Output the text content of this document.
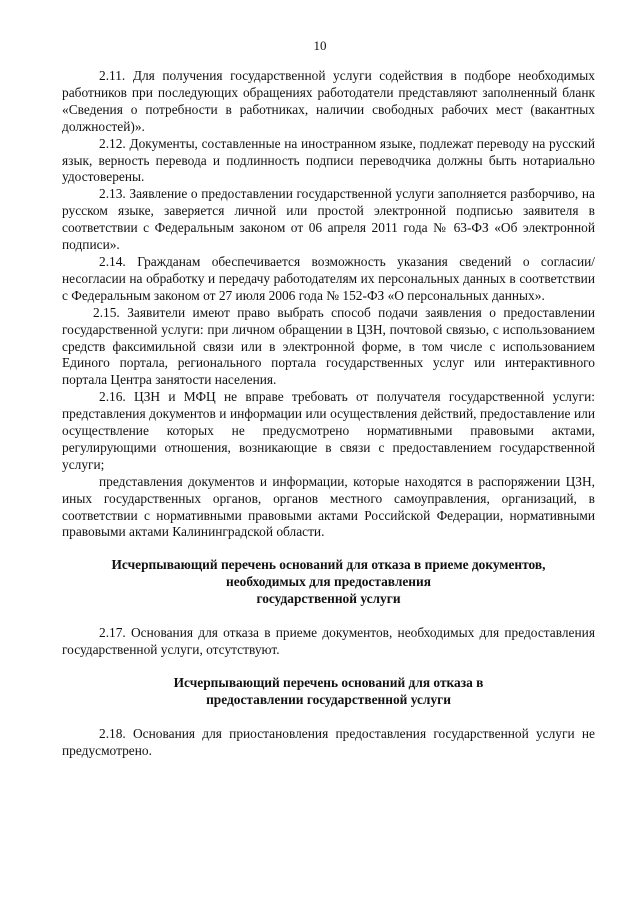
10

2.11. Для получения государственной услуги содействия в подборе необходимых работников при последующих обращениях работодатели представляют заполненный бланк «Сведения о потребности в работниках, наличии свободных рабочих мест (вакантных должностей)».

2.12. Документы, составленные на иностранном языке, подлежат переводу на русский язык, верность перевода и подлинность подписи переводчика должны быть нотариально удостоверены.

2.13. Заявление о предоставлении государственной услуги заполняется разборчиво, на русском языке, заверяется личной или простой электронной подписью заявителя в соответствии с Федеральным законом от 06 апреля 2011 года № 63-ФЗ «Об электронной подписи».

2.14. Гражданам обеспечивается возможность указания сведений о согласии/несогласии на обработку и передачу работодателям их персональных данных в соответствии с Федеральным законом от 27 июля 2006 года № 152-ФЗ «О персональных данных».

2.15. Заявители имеют право выбрать способ подачи заявления о предоставлении государственной услуги: при личном обращении в ЦЗН, почтовой связью, с использованием средств факсимильной связи или в электронной форме, в том числе с использованием Единого портала, регионального портала государственных услуг или интерактивного портала Центра занятости населения.

2.16. ЦЗН и МФЦ не вправе требовать от получателя государственной услуги: представления документов и информации или осуществления действий, предоставление или осуществление которых не предусмотрено нормативными правовыми актами, регулирующими отношения, возникающие в связи с предоставлением государственной услуги;

представления документов и информации, которые находятся в распоряжении ЦЗН, иных государственных органов, органов местного самоуправления, организаций, в соответствии с нормативными правовыми актами Российской Федерации, нормативными правовыми актами Калининградской области.

Исчерпывающий перечень оснований для отказа в приеме документов,
необходимых для предоставления
государственной услуги

2.17. Основания для отказа в приеме документов, необходимых для предоставления государственной услуги, отсутствуют.

Исчерпывающий перечень оснований для отказа в
предоставлении государственной услуги

2.18. Основания для приостановления предоставления государственной услуги не предусмотрено.
